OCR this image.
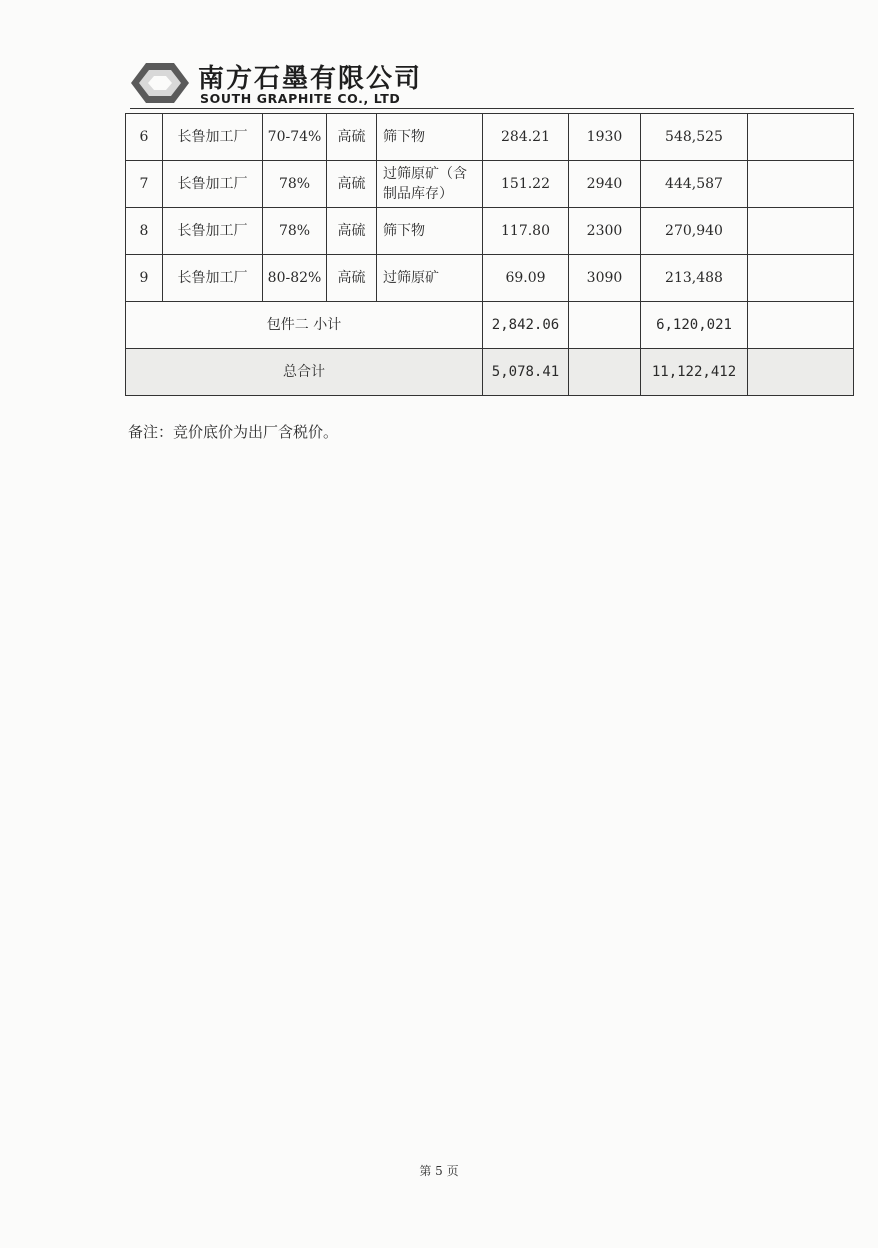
南方石墨有限公司
SOUTH GRAPHITE CO., LTD
6	长鲁加工厂	70-74%	高硫	筛下物	284.21	1930	548,525	
7	长鲁加工厂	78%	高硫	过筛原矿（含制品库存）	151.22	2940	444,587	
8	长鲁加工厂	78%	高硫	筛下物	117.80	2300	270,940	
9	长鲁加工厂	80-82%	高硫	过筛原矿	69.09	3090	213,488	
包件二 小计					2,842.06		6,120,021	
总合计					5,078.41		11,122,412	
备注：竞价底价为出厂含税价。
第 5 页
